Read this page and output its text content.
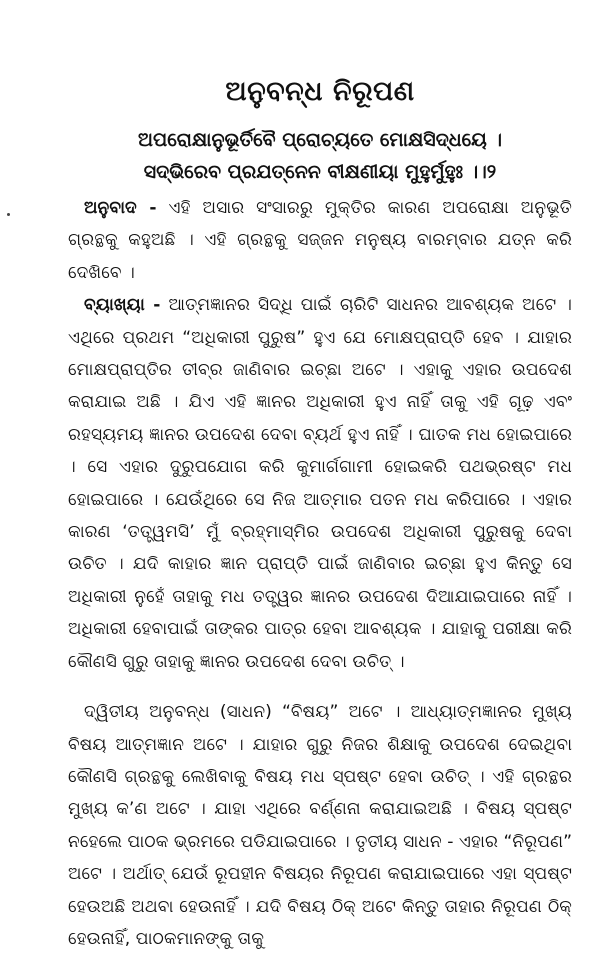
ଅନୁବନ୍ଧ ନିରୂପଣ

ଅପରୋକ୍ଷାନୁଭୂର୍ତିବୈ ପ୍ରୋଚ୍ୟତେ ମୋକ୍ଷସିଦ୍ଧୟେ ।

ସଦ୍ଭିରେବ ପ୍ରଯତ୍ନେନ ବୀକ୍ଷଣୀୟା ମୁହୁର୍ମୁହୁଃ ।।୨

ଅନୁବାଦ - ଏହି ଅସାର ସଂସାରରୁ ମୁକ୍ତିର କାରଣ ଅପରୋକ୍ଷା ଅନୁଭୂତି ଗ୍ରନ୍ଥକୁ କହୁଅଛି । ଏହି ଗ୍ରନ୍ଥକୁ ସଜ୍ଜନ ମନୁଷ୍ୟ ବାରମ୍ବାର ଯତ୍ନ କରି ଦେଖିବେ ।

ବ୍ୟାଖ୍ୟା - ଆତ୍ମଜ୍ଞାନର ସିଦ୍ଧି ପାଇଁ ଚାରିଟି ସାଧନର ଆବଶ୍ୟକ ଅଟେ । ଏଥିରେ ପ୍ରଥମ “ଅଧିକାରୀ ପୁରୁଷ” ହୁଏ ଯେ ମୋକ୍ଷପ୍ରାପ୍ତି ହେବ । ଯାହାର ମୋକ୍ଷପ୍ରାପ୍ତିର ତୀବ୍ର ଜାଣିବାର ଇଚ୍ଛା ଅଟେ । ଏହାକୁ ଏହାର ଉପଦେଶ କରାଯାଇ ଅଛି । ଯିଏ ଏହି ଜ୍ଞାନର ଅଧିକାରୀ ହୁଏ ନାହିଁ ତାକୁ ଏହି ଗୂଢ଼ ଏବଂ ରହସ୍ୟମୟ ଜ୍ଞାନର ଉପଦେଶ ଦେବା ବ୍ୟର୍ଥ ହୁଏ ନାହିଁ । ଘାତକ ମଧ ହୋଇପାରେ । ସେ ଏହାର ଦୁରୁପଯୋଗ କରି କୁମାର୍ଗଗାମୀ ହୋଇକରି ପଥଭ୍ରଷ୍ଟ ମଧ ହୋଇପାରେ । ଯେଉଁଥିରେ ସେ ନିଜ ଆତ୍ମାର ପତନ ମଧ କରିପାରେ । ଏହାର କାରଣ ‘ତତ୍ତ୍ୱମସି’ ମୁଁ ବ୍ରହ୍ମାସ୍ମିର ଉପଦେଶ ଅଧିକାରୀ ପୁରୁଷକୁ ଦେବା ଉଚିତ । ଯଦି କାହାର ଜ୍ଞାନ ପ୍ରାପ୍ତି ପାଇଁ ଜାଣିବାର ଇଚ୍ଛା ହୁଏ କିନ୍ତୁ ସେ ଅଧିକାରୀ ନୁହେଁ ତାହାକୁ ମଧ ତତ୍ତ୍ୱର ଜ୍ଞାନର ଉପଦେଶ ଦିଆଯାଇପାରେ ନାହିଁ । ଅଧିକାରୀ ହେବାପାଇଁ ତାଙ୍କର ପାତ୍ର ହେବା ଆବଶ୍ୟକ । ଯାହାକୁ ପରୀକ୍ଷା କରି କୌଣସି ଗୁରୁ ତାହାକୁ ଜ୍ଞାନର ଉପଦେଶ ଦେବା ଉଚିତ୍ ।

ଦ୍ୱିତୀୟ ଅନୁବନ୍ଧ (ସାଧନ) “ବିଷୟ” ଅଟେ । ଆଧ୍ୟାତ୍ମଜ୍ଞାନର ମୁଖ୍ୟ ବିଷୟ ଆତ୍ମଜ୍ଞାନ ଅଟେ । ଯାହାର ଗୁରୁ ନିଜର ଶିକ୍ଷାକୁ ଉପଦେଶ ଦେଇଥିବା କୌଣସି ଗ୍ରନ୍ଥକୁ ଲେଖିବାକୁ ବିଷୟ ମଧ ସ୍ପଷ୍ଟ ହେବା ଉଚିତ୍ । ଏହି ଗ୍ରନ୍ଥର ମୁଖ୍ୟ କ’ଣ ଅଟେ । ଯାହା ଏଥିରେ ବର୍ଣ୍ଣନା କରାଯାଇଅଛି । ବିଷୟ ସ୍ପଷ୍ଟ ନହେଲେ ପାଠକ ଭ୍ରମରେ ପଡିଯାଇପାରେ । ତୃତୀୟ ସାଧନ - ଏହାର “ନିରୂପଣ” ଅଟେ । ଅର୍ଥାତ୍ ଯେଉଁ ରୂପହୀନ ବିଷୟର ନିରୂପଣ କରାଯାଇପାରେ ଏହା ସ୍ପଷ୍ଟ ହେଉଅଛି ଅଥବା ହେଉନାହିଁ । ଯଦି ବିଷୟ ଠିକ୍ ଅଟେ କିନ୍ତୁ ତାହାର ନିରୂପଣ ଠିକ୍ ହେଉନାହିଁ, ପାଠକମାନଙ୍କୁ ତାକୁ
